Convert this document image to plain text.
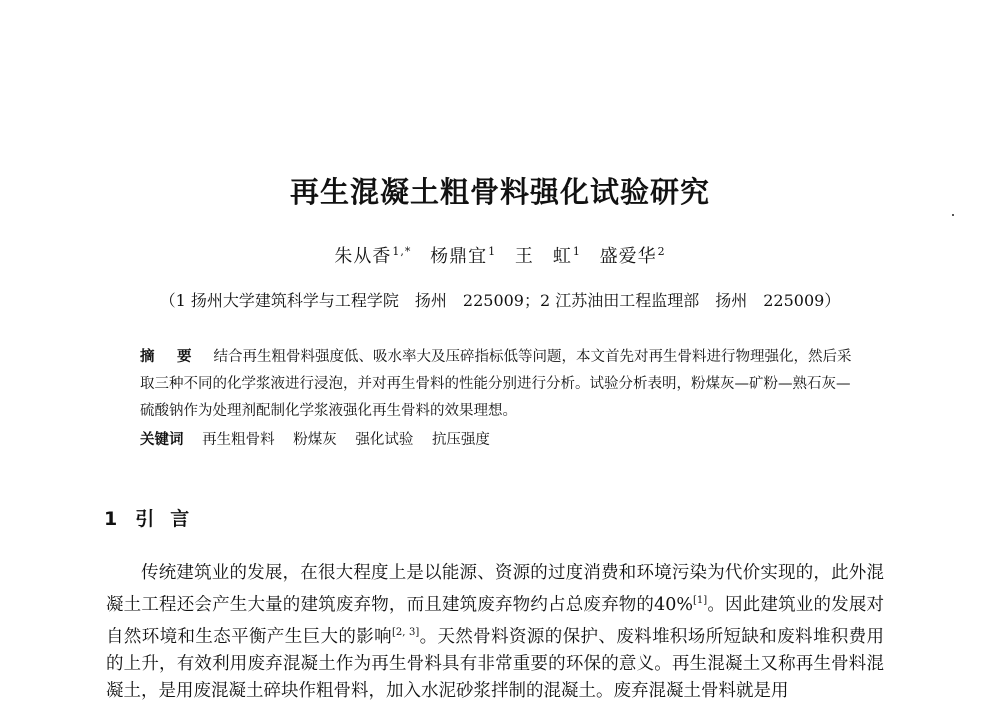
再生混凝土粗骨料强化试验研究
朱从香$^{1,*}$ 杨鼎宜$^1$ 王　虹$^1$ 盛爱华$^2$
（1 扬州大学建筑科学与工程学院　扬州　225009；2 江苏油田工程监理部　扬州　225009）
摘　要 结合再生粗骨料强度低、吸水率大及压碎指标低等问题，本文首先对再生骨料进行物理强化，然后采取三种不同的化学浆液进行浸泡，并对再生骨料的性能分别进行分析。试验分析表明，粉煤灰—矿粉—熟石灰—硫酸钠作为处理剂配制化学浆液强化再生骨料的效果理想。
关键词 再生粗骨料 粉煤灰 强化试验 抗压强度
1 引言
传统建筑业的发展，在很大程度上是以能源、资源的过度消费和环境污染为代价实现的，此外混凝土工程还会产生大量的建筑废弃物，而且建筑废弃物约占总废弃物的40%[1]。因此建筑业的发展对自然环境和生态平衡产生巨大的影响[2, 3]。天然骨料资源的保护、废料堆积场所短缺和废料堆积费用的上升，有效利用废弃混凝土作为再生骨料具有非常重要的环保的意义。再生混凝土又称再生骨料混凝土，是用废混凝土碎块作粗骨料，加入水泥砂浆拌制的混凝土。废弃混凝土骨料就是用
